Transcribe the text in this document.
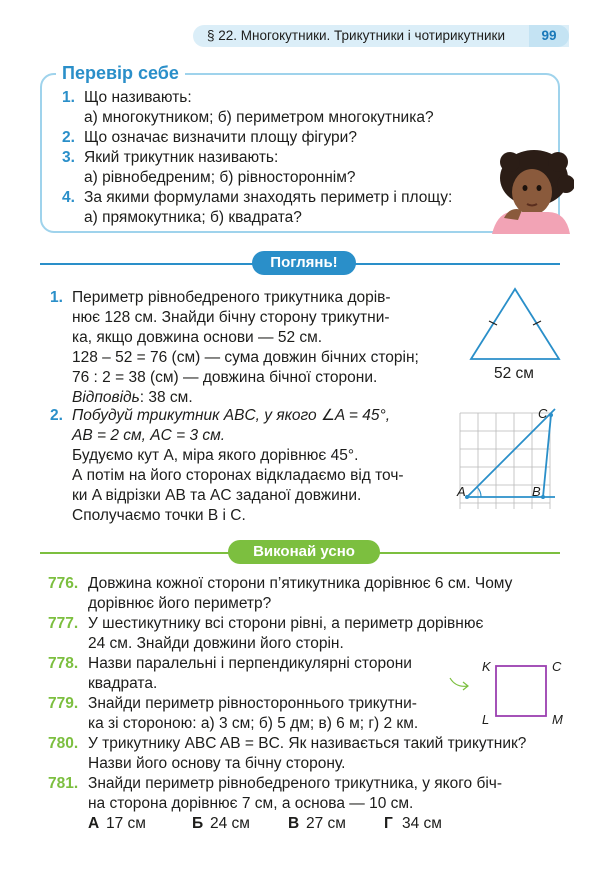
§ 22. Многокутники. Трикутники і чотирикутники	99
Перевір себе
1. Що називають:
а) многокутником; б) периметром многокутника?
2. Що означає визначити площу фігури?
3. Який трикутник називають:
а) рівнобедреним; б) рівностороннім?
4. За якими формулами знаходять периметр і площу:
а) прямокутника; б) квадрата?
Поглянь!
1. Периметр рівнобедреного трикутника дорів-
нює 128 см. Знайди бічну сторону трикутни-
ка, якщо довжина основи — 52 см.
128 – 52 = 76 (см) — сума довжин бічних сторін;
76 : 2 = 38 (см) — довжина бічної сторони.
Відповідь: 38 см.
52 см
2. Побудуй трикутник ABC, у якого ∠A = 45°,
AB = 2 см, AC = 3 см.
Будуємо кут A, міра якого дорівнює 45°.
А потім на його сторонах відкладаємо від точ-
ки A відрізки AB та AC заданої довжини.
Сполучаємо точки B і C.
A	B
C
Виконай усно
776. Довжина кожної сторони п’ятикутника дорівнює 6 см. Чому
дорівнює його периметр?
777. У шестикутнику всі сторони рівні, а периметр дорівнює
24 см. Знайди довжини його сторін.
778. Назви паралельні і перпендикулярні сторони
квадрата.
779. Знайди периметр рівностороннього трикутни-
ка зі стороною: а) 3 см; б) 5 дм; в) 6 м; г) 2 км.
780. У трикутнику ABC AB = BC. Як називається такий трикутник?
Назви його основу та бічну сторону.
781. Знайди периметр рівнобедреного трикутника, у якого біч-
на сторона дорівнює 7 см, а основа — 10 см.
K	C
L	M
А 17 см	Б 24 см В 27 см Г 34 см
